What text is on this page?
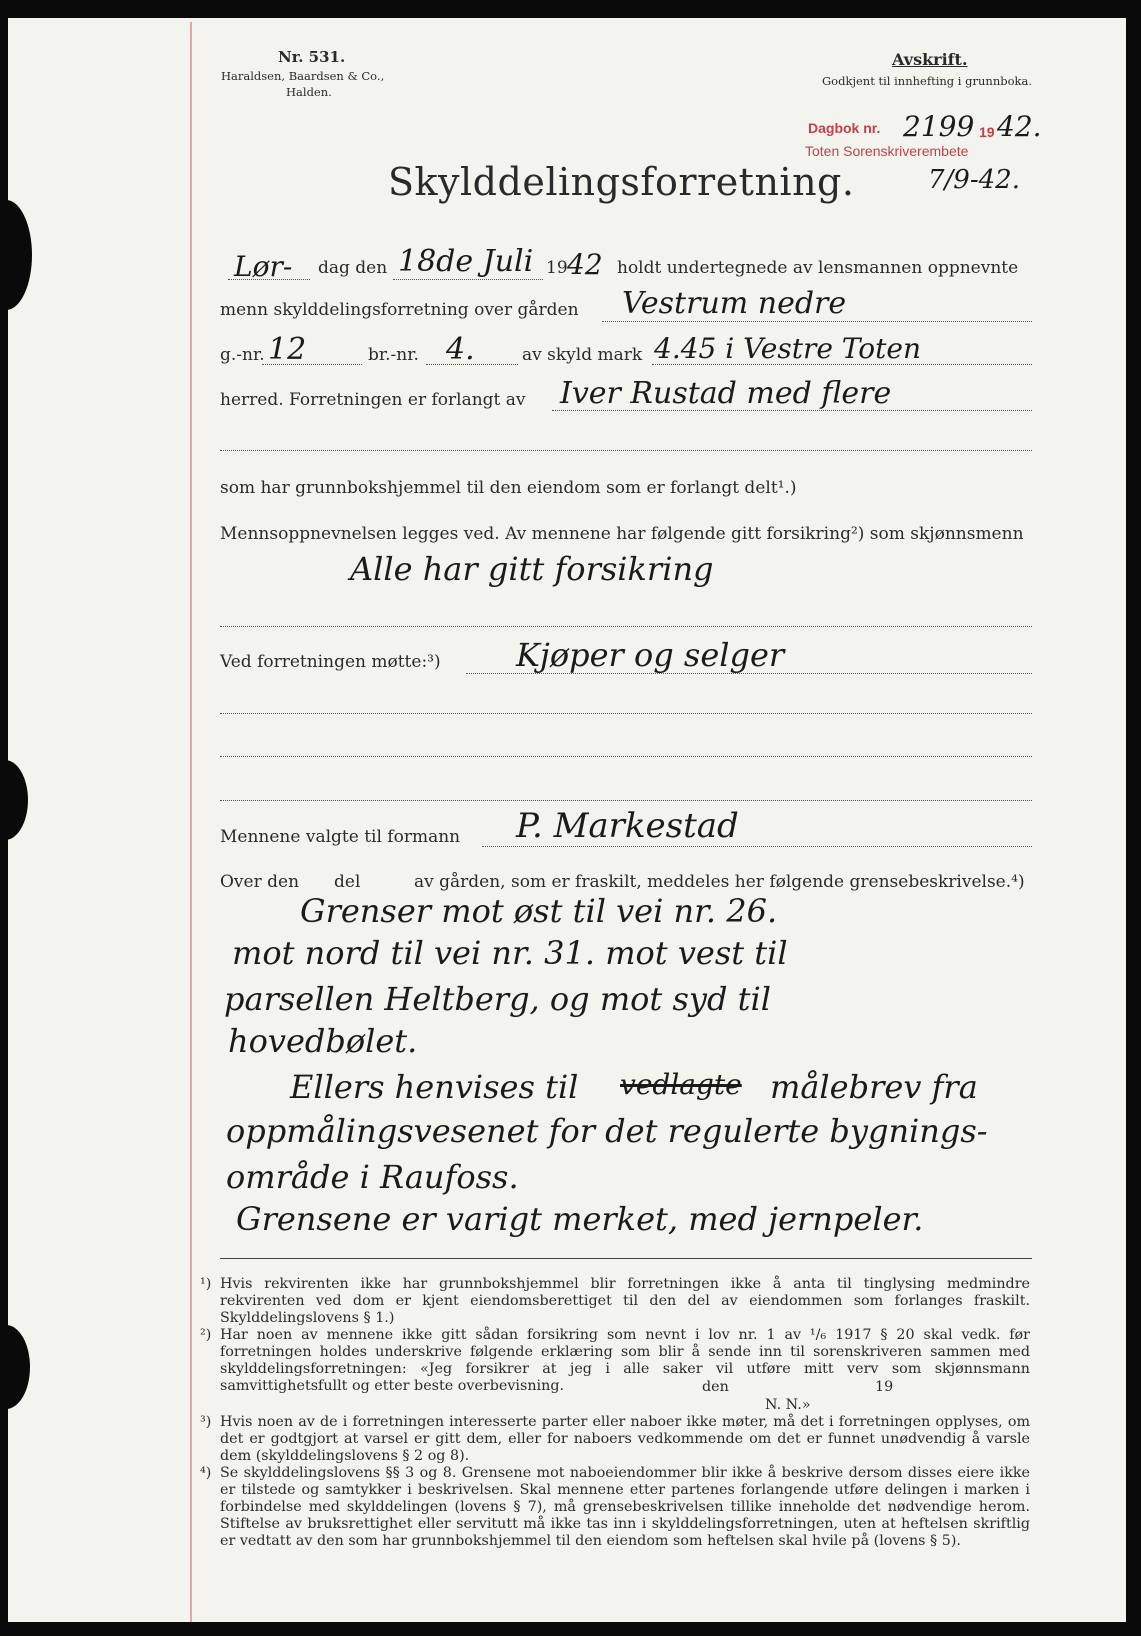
Nr. 531.
Haraldsen, Baardsen & Co.,
Halden.
Avskrift.
Godkjent til innhefting i grunnboka.
Dagbok nr. 2199 19 42.
Toten Sorenskriverembete
7/9-42.
Skylddelingsforretning.
Lør- dag den 18de Juli 19 42 holdt undertegnede av lensmannen oppnevnte
menn skylddelingsforretning over gården Vestrum nedre
g.-nr. 12	br.-nr. 4.	av skyld mark 4.45 i Vestre Toten
herred. Forretningen er forlangt av Iver Rustad med flere
som har grunnbokshjemmel til den eiendom som er forlangt delt¹.)
Mennsoppnevnelsen legges ved. Av mennene har følgende gitt forsikring²) som skjønnsmenn
Alle har gitt forsikring
Ved forretningen møtte:³) Kjøper og selger
Mennene valgte til formann P. Markestad
Over den del	av gården, som er fraskilt, meddeles her følgende grensebeskrivelse.⁴)
Grenser mot øst til vei nr. 26.
mot nord til vei nr. 31. mot vest til
parsellen Heltberg, og mot syd til
hovedbølet.
Ellers henvises til vedlagte målebrev fra
oppmålingsvesenet for det regulerte bygnings-
område i Raufoss.
Grensene er varigt merket, med jernpeler.
¹) Hvis rekvirenten ikke har grunnbokshjemmel blir forretningen ikke å anta til tinglysing medmindre rekvirenten ved dom er kjent eiendomsberettiget til den del av eiendommen som forlanges fraskilt. Skylddelingslovens § 1.)

²) Har noen av mennene ikke gitt sådan forsikring som nevnt i lov nr. 1 av ¹/₆ 1917 § 20 skal vedk. før forretningen holdes underskrive følgende erklæring som blir å sende inn til sorenskriveren sammen med skylddelingsforretningen: «Jeg forsikrer at jeg i alle saker vil utføre mitt verv som skjønnsmann samvittighetsfullt og etter beste overbevisning.	den	19
N. N.»
³) Hvis noen av de i forretningen interesserte parter eller naboer ikke møter, må det i forretningen opplyses, om det er godtgjort at varsel er gitt dem, eller for naboers vedkommende om det er funnet unødvendig å varsle dem (skylddelingslovens § 2 og 8).

⁴) Se skylddelingslovens §§ 3 og 8. Grensene mot naboeiendommer blir ikke å beskrive dersom disses eiere ikke er tilstede og samtykker i beskrivelsen. Skal mennene etter partenes forlangende utføre delingen i marken i forbindelse med skylddelingen (lovens § 7), må grensebeskrivelsen tillike inneholde det nødvendige herom. Stiftelse av bruksrettighet eller servitutt må ikke tas inn i skylddelingsforretningen, uten at heftelsen skriftlig er vedtatt av den som har grunnbokshjemmel til den eiendom som heftelsen skal hvile på (lovens § 5).
